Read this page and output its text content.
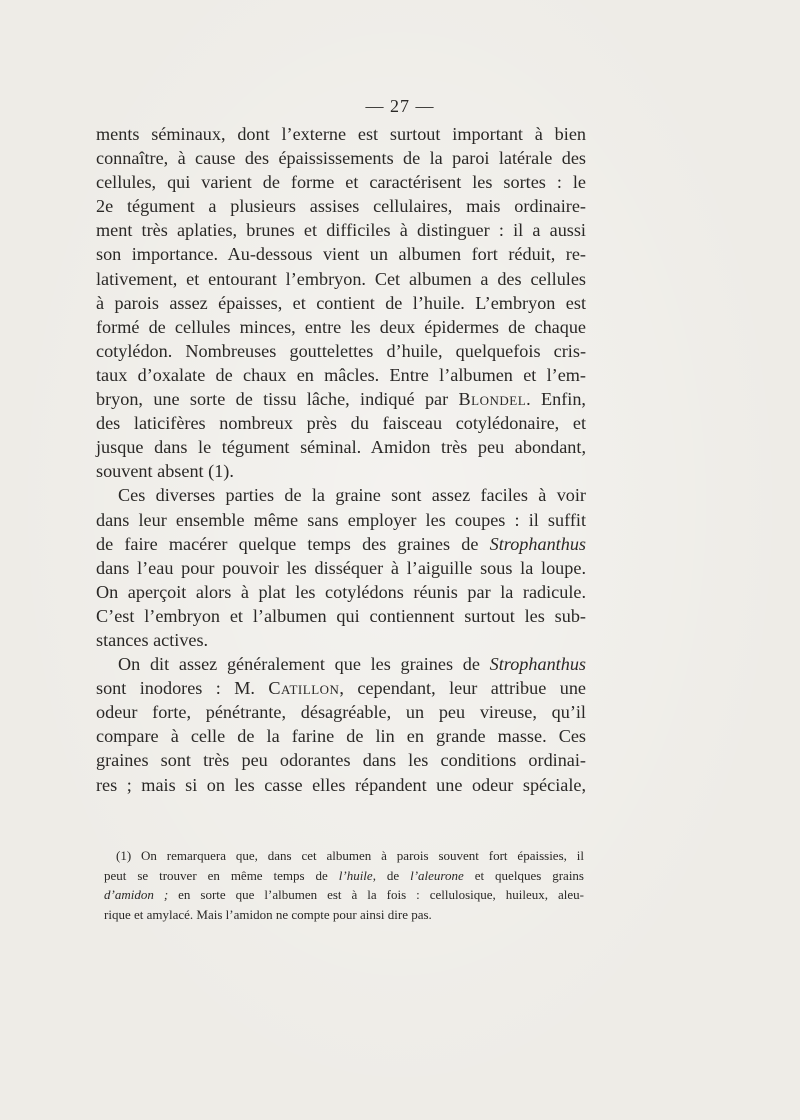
— 27 —
ments séminaux, dont l’externe est surtout important à bien
connaître, à cause des épaississements de la paroi latérale des
cellules, qui varient de forme et caractérisent les sortes : le
2e tégument a plusieurs assises cellulaires, mais ordinaire-
ment très aplaties, brunes et difficiles à distinguer : il a aussi
son importance. Au-dessous vient un albumen fort réduit, re-
lativement, et entourant l’embryon. Cet albumen a des cellules
à parois assez épaisses, et contient de l’huile. L’embryon est
formé de cellules minces, entre les deux épidermes de chaque
cotylédon. Nombreuses gouttelettes d’huile, quelquefois cris-
taux d’oxalate de chaux en mâcles. Entre l’albumen et l’em-
bryon, une sorte de tissu lâche, indiqué par Blondel. Enfin,
des laticifères nombreux près du faisceau cotylédonaire, et
jusque dans le tégument séminal. Amidon très peu abondant,
souvent absent (1).
Ces diverses parties de la graine sont assez faciles à voir
dans leur ensemble même sans employer les coupes : il suffit
de faire macérer quelque temps des graines de Strophanthus
dans l’eau pour pouvoir les disséquer à l’aiguille sous la loupe.
On aperçoit alors à plat les cotylédons réunis par la radicule.
C’est l’embryon et l’albumen qui contiennent surtout les sub-
stances actives.
On dit assez généralement que les graines de Strophanthus
sont inodores : M. Catillon, cependant, leur attribue une
odeur forte, pénétrante, désagréable, un peu vireuse, qu’il
compare à celle de la farine de lin en grande masse. Ces
graines sont très peu odorantes dans les conditions ordinai-
res ; mais si on les casse elles répandent une odeur spéciale,
(1) On remarquera que, dans cet albumen à parois souvent fort épaissies, il
peut se trouver en même temps de l’huile, de l’aleurone et quelques grains
d’amidon ; en sorte que l’albumen est à la fois : cellulosique, huileux, aleu-
rique et amylacé. Mais l’amidon ne compte pour ainsi dire pas.
